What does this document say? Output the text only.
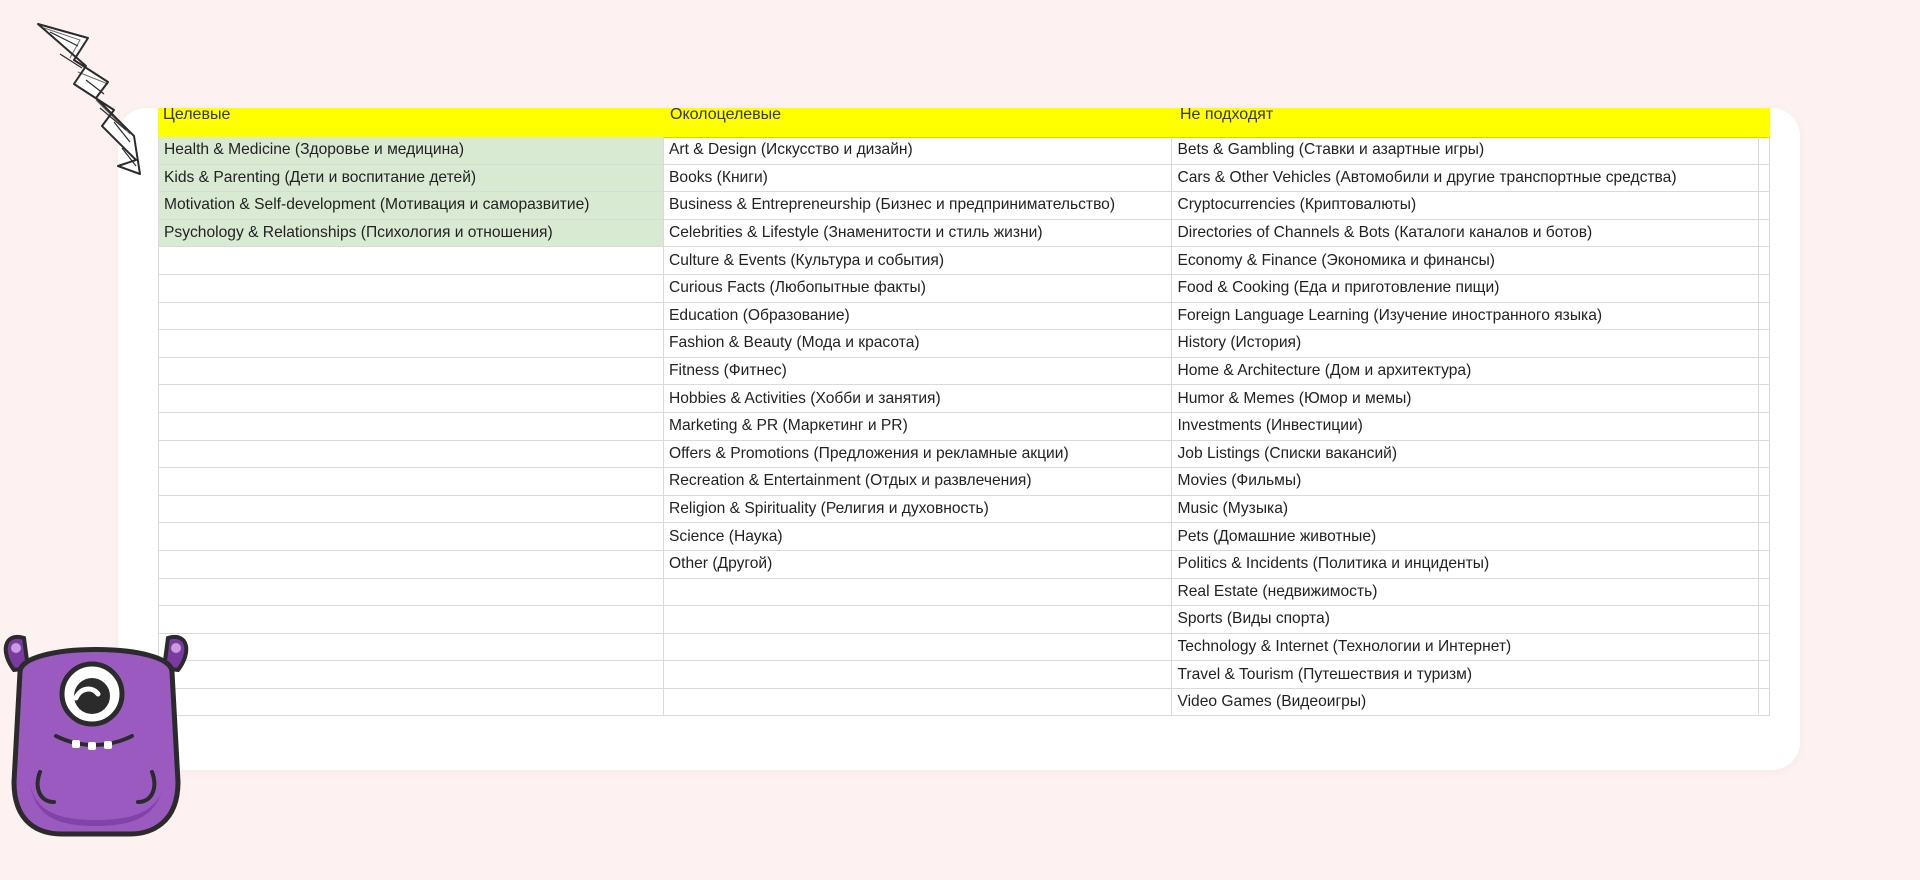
Целевые	Околоцелевые	Не подходят
Health & Medicine (Здоровье и медицина)	Art & Design (Искусство и дизайн)	Bets & Gambling (Ставки и азартные игры)	
Kids & Parenting (Дети и воспитание детей)	Books (Книги)	Cars & Other Vehicles (Автомобили и другие транспортные средства)	
Motivation & Self-development (Мотивация и саморазвитие)	Business & Entrepreneurship (Бизнес и предпринимательство)	Cryptocurrencies (Криптовалюты)	
Psychology & Relationships (Психология и отношения)	Celebrities & Lifestyle (Знаменитости и стиль жизни)	Directories of Channels & Bots (Каталоги каналов и ботов)	
	Culture & Events (Культура и события)	Economy & Finance (Экономика и финансы)	
	Curious Facts (Любопытные факты)	Food & Cooking (Еда и приготовление пищи)	
	Education (Образование)	Foreign Language Learning (Изучение иностранного языка)	
	Fashion & Beauty (Мода и красота)	History (История)	
	Fitness (Фитнес)	Home & Architecture (Дом и архитектура)	
	Hobbies & Activities (Хобби и занятия)	Humor & Memes (Юмор и мемы)	
	Marketing & PR (Маркетинг и PR)	Investments (Инвестиции)	
	Offers & Promotions (Предложения и рекламные акции)	Job Listings (Списки вакансий)	
	Recreation & Entertainment (Отдых и развлечения)	Movies (Фильмы)	
	Religion & Spirituality (Религия и духовность)	Music (Музыка)	
	Science (Наука)	Pets (Домашние животные)	
	Other (Другой)	Politics & Incidents (Политика и инциденты)	
		Real Estate (недвижимость)	
		Sports (Виды спорта)	
		Technology & Internet (Технологии и Интернет)	
		Travel & Tourism (Путешествия и туризм)	
		Video Games (Видеоигры)	
